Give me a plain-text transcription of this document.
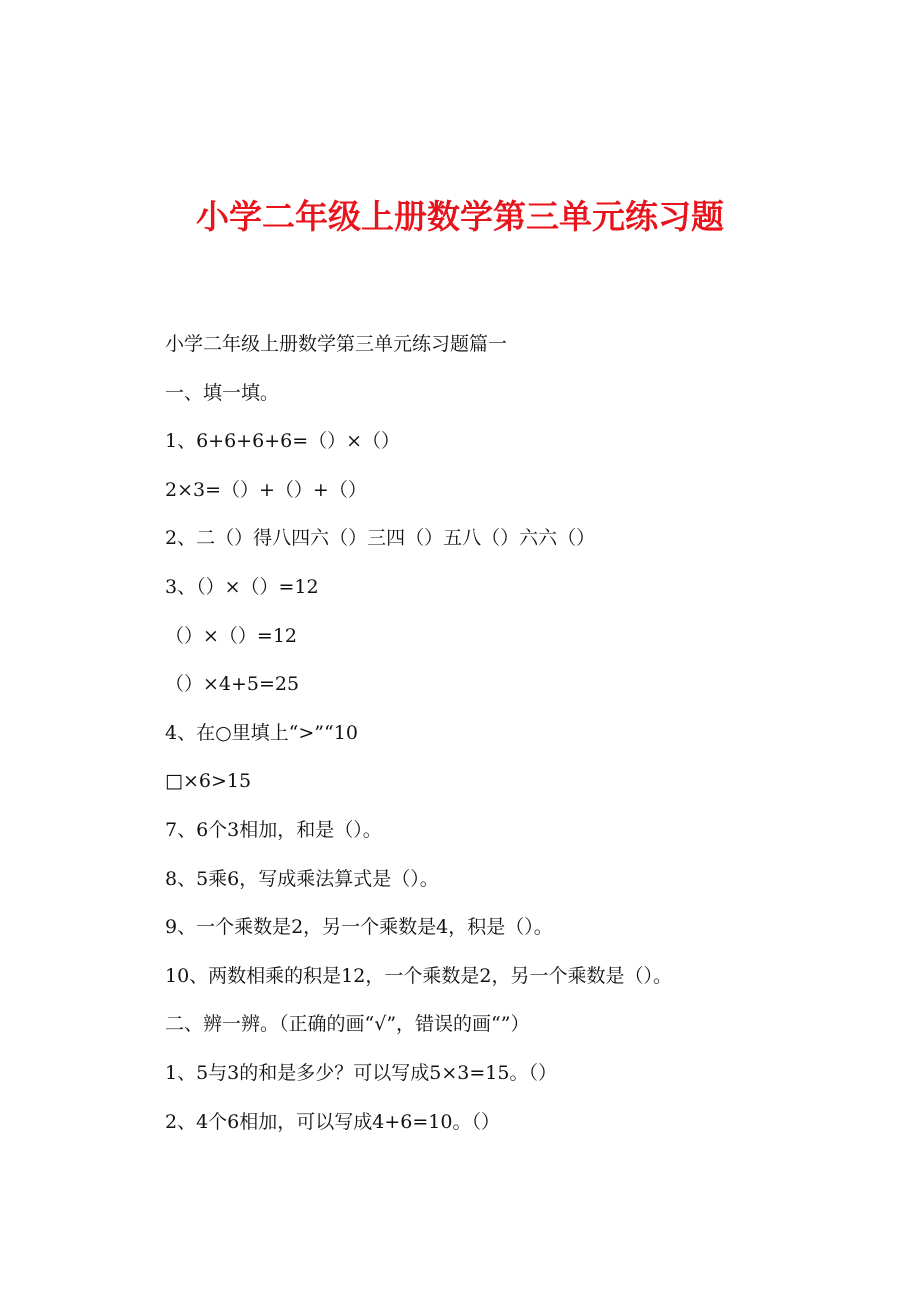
小学二年级上册数学第三单元练习题
小学二年级上册数学第三单元练习题篇一
一、填一填。
1、6+6+6+6=（）×（）
2×3=（）+（）+（）
2、二（）得八四六（）三四（）五八（）六六（）
3、（）×（）=12
（）×（）=12
（）×4+5=25
4、在○里填上“>”“10
□×6>15
7、6个3相加，和是（）。
8、5乘6，写成乘法算式是（）。
9、一个乘数是2，另一个乘数是4，积是（）。
10、两数相乘的积是12，一个乘数是2，另一个乘数是（）。
二、辨一辨。（正确的画“√”，错误的画“”）
1、5与3的和是多少？可以写成5×3=15。（）
2、4个6相加，可以写成4+6=10。（）
